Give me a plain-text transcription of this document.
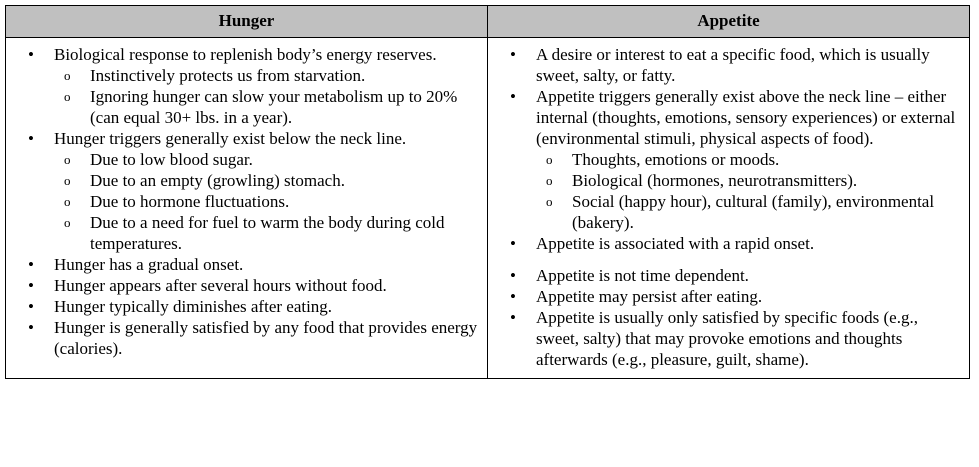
Hunger	Appetite

• Biological response to replenish body’s energy reserves.
o Instinctively protects us from starvation.
o Ignoring hunger can slow your metabolism up to 20% (can equal 30+ lbs. in a year).
• Hunger triggers generally exist below the neck line.
o Due to low blood sugar.
o Due to an empty (growling) stomach.
o Due to hormone fluctuations.
o Due to a need for fuel to warm the body during cold temperatures.
• Hunger has a gradual onset.
• Hunger appears after several hours without food.
• Hunger typically diminishes after eating.
• Hunger is generally satisfied by any food that provides energy (calories).

• A desire or interest to eat a specific food, which is usually sweet, salty, or fatty.
• Appetite triggers generally exist above the neck line – either internal (thoughts, emotions, sensory experiences) or external (environmental stimuli, physical aspects of food).
o Thoughts, emotions or moods.
o Biological (hormones, neurotransmitters).
o Social (happy hour), cultural (family), environmental (bakery).
• Appetite is associated with a rapid onset.
• Appetite is not time dependent.
• Appetite may persist after eating.
• Appetite is usually only satisfied by specific foods (e.g., sweet, salty) that may provoke emotions and thoughts afterwards (e.g., pleasure, guilt, shame).
